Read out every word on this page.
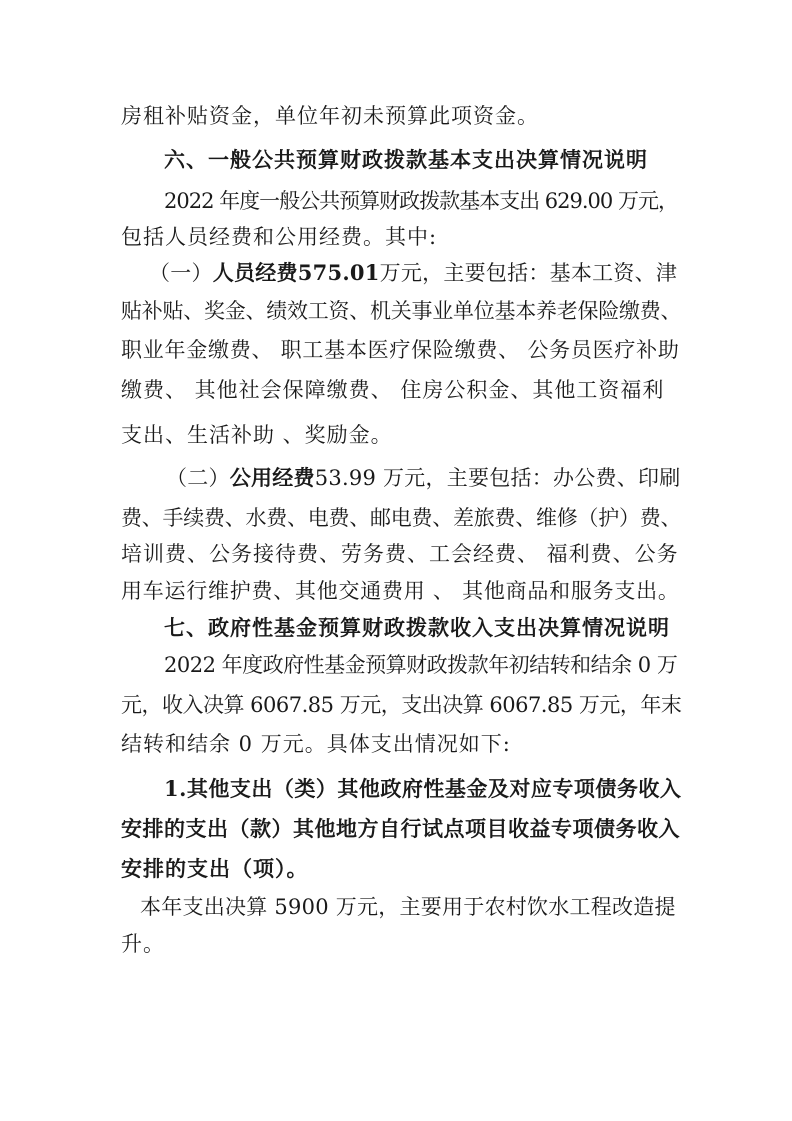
房租补贴资金，单位年初未预算此项资金。
六、一般公共预算财政拨款基本支出决算情况说明
2022 年度一般公共预算财政拨款基本支出 629.00 万元，
包括人员经费和公用经费。其中:
（一）人员经费575.01万元，主要包括：基本工资、津
贴补贴、奖金、绩效工资、机关事业单位基本养老保险缴费、
职业年金缴费、 职工基本医疗保险缴费、 公务员医疗补助
缴费、 其他社会保障缴费、 住房公积金、其他工资福利
支出、生活补助 、奖励金。
（二）公用经费53.99 万元，主要包括：办公费、印刷
费、手续费、水费、电费、邮电费、差旅费、维修（护）费、
培训费、公务接待费、劳务费、工会经费、 福利费、公务
用车运行维护费、其他交通费用 、 其他商品和服务支出。
七、政府性基金预算财政拨款收入支出决算情况说明
2022 年度政府性基金预算财政拨款年初结转和结余 0 万
元，收入决算 6067.85 万元，支出决算 6067.85 万元，年末
结转和结余 0 万元。具体支出情况如下:
1.其他支出（类）其他政府性基金及对应专项债务收入
安排的支出（款）其他地方自行试点项目收益专项债务收入
安排的支出（项）。
本年支出决算 5900 万元，主要用于农村饮水工程改造提
升。
